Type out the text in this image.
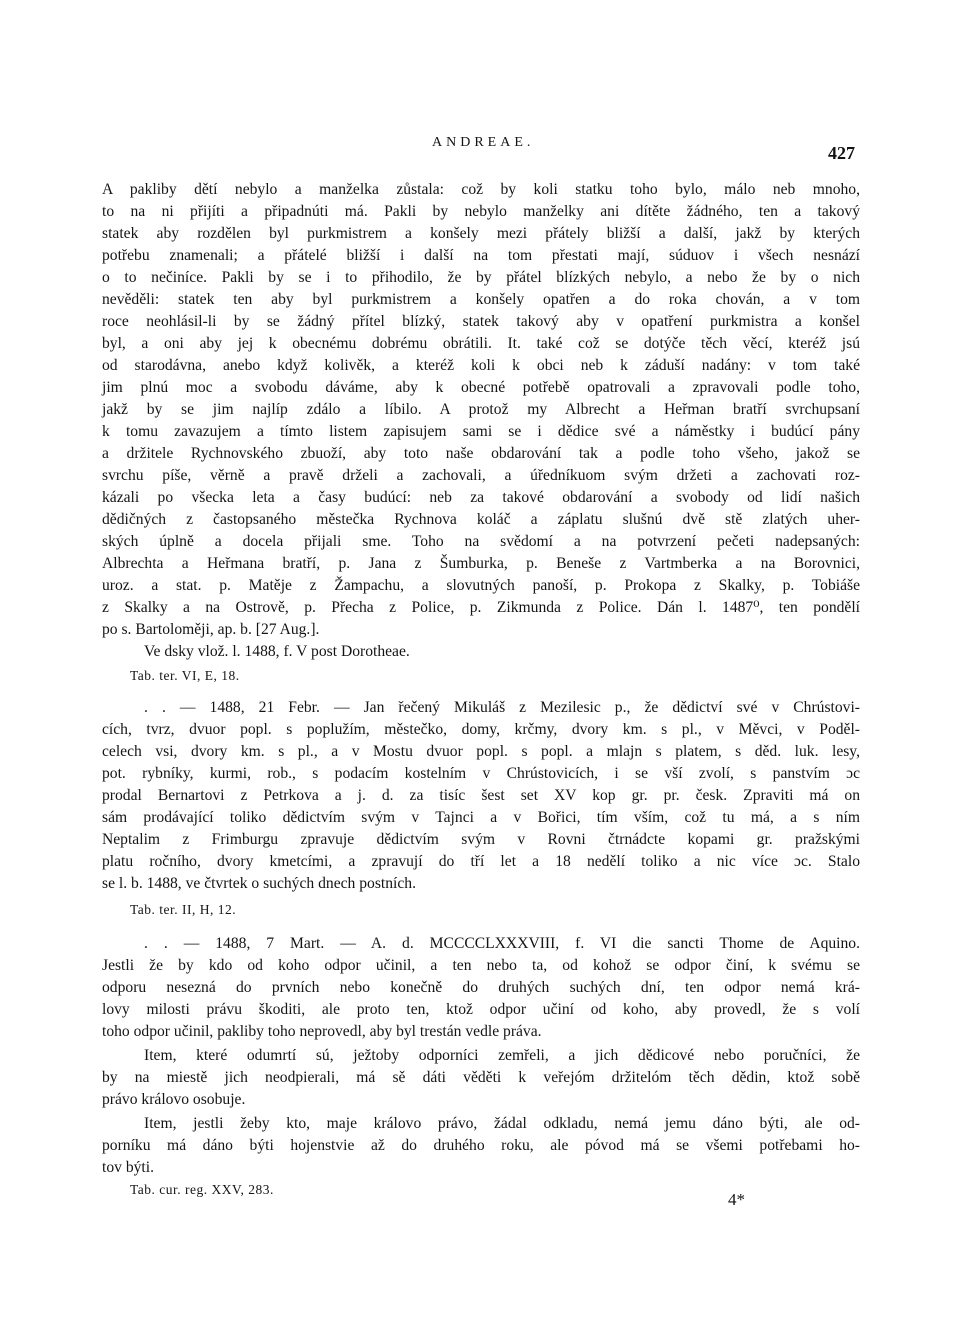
ANDREAE.
427
A pakliby dětí nebylo a manželka zůstala: což by koli statku toho bylo, málo neb mnoho,
to na ni přijíti a připadnúti má. Pakli by nebylo manželky ani dítěte žádného, ten a takový
statek aby rozdělen byl purkmistrem a konšely mezi přátely bližší a další, jakž by kterých
potřebu znamenali; a přátelé bližší i další na tom přestati mají, súduov i všech nesnází
o to nečiníce. Pakli by se i to přihodilo, že by přátel blízkých nebylo, a nebo že by o nich
nevěděli: statek ten aby byl purkmistrem a konšely opatřen a do roka chován, a v tom
roce neohlásil-li by se žádný přítel blízký, statek takový aby v opatření purkmistra a konšel
byl, a oni aby jej k obecnému dobrému obrátili. It. také což se dotýče těch věcí, kteréž jsú
od starodávna, anebo když kolivěk, a kteréž koli k obci neb k záduší nadány: v tom také
jim plnú moc a svobodu dáváme, aby k obecné potřebě opatrovali a zpravovali podle toho,
jakž by se jim najlíp zdálo a líbilo. A protož my Albrecht a Heřman bratří svrchupsaní
k tomu zavazujem a tímto listem zapisujem sami se i dědice své a náměstky i budúcí pány
a držitele Rychnovského zbuoží, aby toto naše obdarování tak a podle toho všeho, jakož se
svrchu píše, věrně a pravě drželi a zachovali, a úředníkuom svým držeti a zachovati roz-
kázali po všecka leta a časy budúcí: neb za takové obdarování a svobody od lidí našich
dědičných z častopsaného městečka Rychnova koláč a záplatu slušnú dvě stě zlatých uher-
ských úplně a docela přijali sme. Toho na svědomí a na potvrzení pečeti nadepsaných:
Albrechta a Heřmana bratří, p. Jana z Šumburka, p. Beneše z Vartmberka a na Borovnici,
uroz. a stat. p. Matěje z Žampachu, a slovutných panoší, p. Prokopa z Skalky, p. Tobiáše
z Skalky a na Ostrově, p. Přecha z Police, p. Zikmunda z Police. Dán l. 1487⁰, ten pondělí
po s. Bartoloměji, ap. b. [27 Aug.].
Ve dsky vlož. l. 1488, f. V post Dorotheae.
Tab. ter. VI, E, 18.
. . — 1488, 21 Febr. — Jan řečený Mikuláš z Mezilesic p., že dědictví své v Chrústovi-
cích, tvrz, dvuor popl. s poplužím, městečko, domy, krčmy, dvory km. s pl., v Měvci, v Poděl-
celech vsi, dvory km. s pl., a v Mostu dvuor popl. s popl. a mlajn s platem, s děd. luk. lesy,
pot. rybníky, kurmi, rob., s podacím kostelním v Chrústovicích, i se vší zvolí, s panstvím ɔc
prodal Bernartovi z Petrkova a j. d. za tisíc šest set XV kop gr. pr. česk. Zpraviti má on
sám prodávající toliko dědictvím svým v Tajnci a v Bořici, tím vším, což tu má, a s ním
Neptalim z Frimburgu zpravuje dědictvím svým v Rovni čtrnádcte kopami gr. pražskými
platu ročního, dvory kmetcími, a zpravují do tří let a 18 nedělí toliko a nic více ɔc. Stalo
se l. b. 1488, ve čtvrtek o suchých dnech postních.
Tab. ter. II, H, 12.
. . — 1488, 7 Mart. — A. d. MCCCCLXXXVIII, f. VI die sancti Thome de Aquino.
Jestli že by kdo od koho odpor učinil, a ten nebo ta, od kohož se odpor činí, k svému se
odporu nesezná do prvních nebo konečně do druhých suchých dní, ten odpor nemá krá-
lovy milosti právu škoditi, ale proto ten, ktož odpor učiní od koho, aby provedl, že s volí
toho odpor učinil, pakliby toho neprovedl, aby byl trestán vedle práva.
Item, které odumrtí sú, ježtoby odporníci zemřeli, a jich dědicové nebo poručníci, že
by na miestě jich neodpierali, má sě dáti věděti k veřejóm držitelóm těch dědin, ktož sobě
právo královo osobuje.
Item, jestli žeby kto, maje královo právo, žádal odkladu, nemá jemu dáno býti, ale od-
porníku má dáno býti hojenstvie až do druhého roku, ale póvod má se všemi potřebami ho-
tov býti.
Tab. cur. reg. XXV, 283.
4*
